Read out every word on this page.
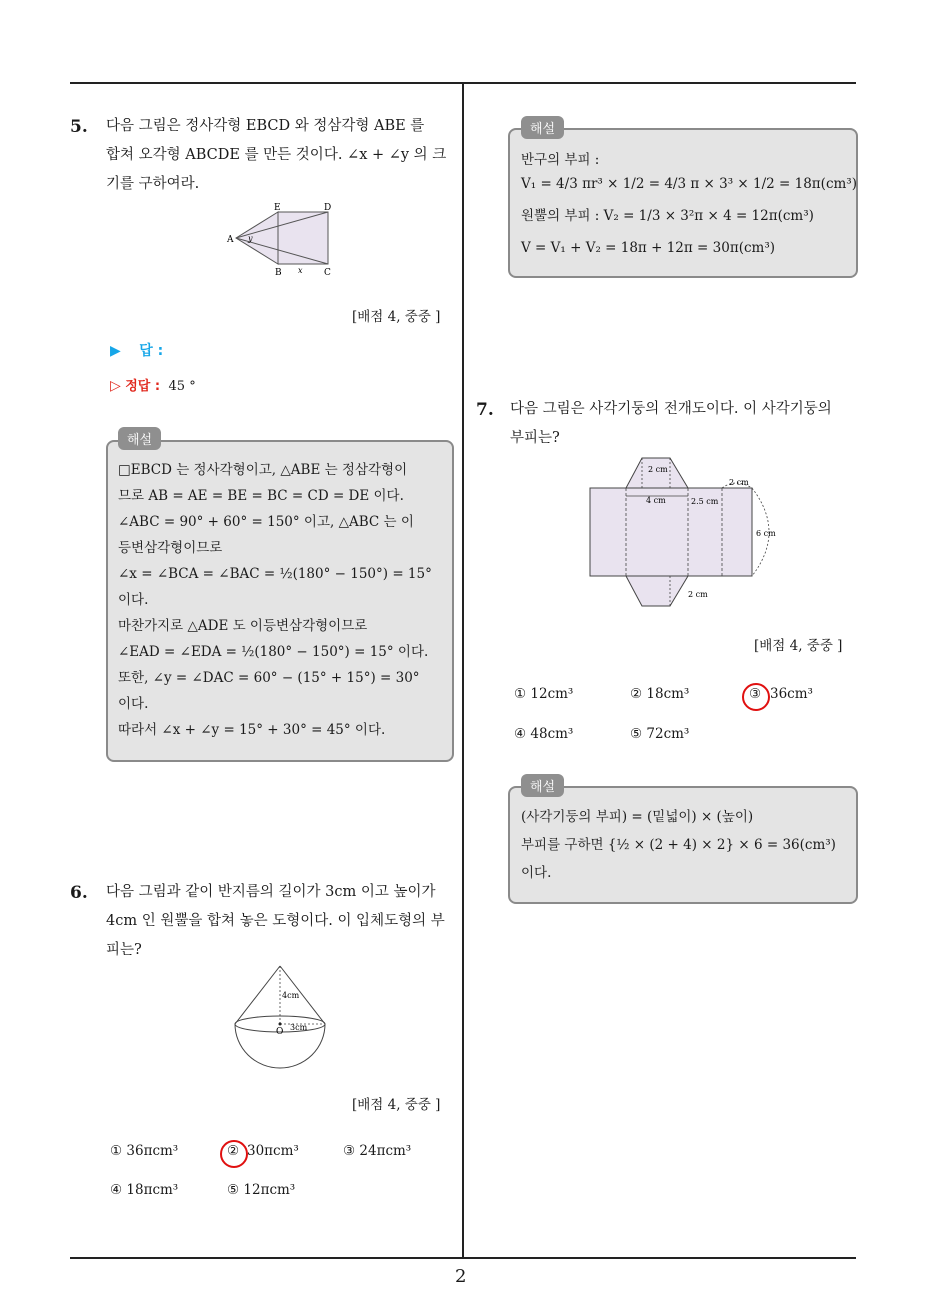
2
5. 다음 그림은 정사각형 EBCD 와 정삼각형 ABE 를
합쳐 오각형 ABCDE 를 만든 것이다. ∠x + ∠y 의 크
기를 구하여라.
E	D
A
B	C
y
x
[배점 4, 중중 ]
▶ 답 :
▷ 정답 : 45 °
해설
□EBCD 는 정사각형이고, △ABE 는 정삼각형이
므로 AB = AE = BE = BC = CD = DE 이다.
∠ABC = 90° + 60° = 150° 이고, △ABC 는 이
등변삼각형이므로
∠x = ∠BCA = ∠BAC = ½(180° − 150°) = 15°
이다.
마찬가지로 △ADE 도 이등변삼각형이므로
∠EAD = ∠EDA = ½(180° − 150°) = 15° 이다.
또한, ∠y = ∠DAC = 60° − (15° + 15°) = 30°
이다.
따라서 ∠x + ∠y = 15° + 30° = 45° 이다.
6. 다음 그림과 같이 반지름의 길이가 3cm 이고 높이가
4cm 인 원뿔을 합쳐 놓은 도형이다. 이 입체도형의 부
피는?
4cm
3cm
O
[배점 4, 중중 ]
① 36πcm³	② 30πcm³	③ 24πcm³
④ 18πcm³	⑤ 12πcm³
해설
반구의 부피 :
V₁ = 4/3 πr³ × 1/2 = 4/3 π × 3³ × 1/2 = 18π(cm³)
원뿔의 부피 : V₂ = 1/3 × 3²π × 4 = 12π(cm³)
V = V₁ + V₂ = 18π + 12π = 30π(cm³)
7. 다음 그림은 사각기둥의 전개도이다. 이 사각기둥의
부피는?
2 cm
4 cm	2.5 cm
2 cm
6 cm
2 cm
[배점 4, 중중 ]
① 12cm³	② 18cm³	③ 36cm³
④ 48cm³	⑤ 72cm³
해설
(사각기둥의 부피) = (밑넓이) × (높이)
부피를 구하면 {½ × (2 + 4) × 2} × 6 = 36(cm³)
이다.
